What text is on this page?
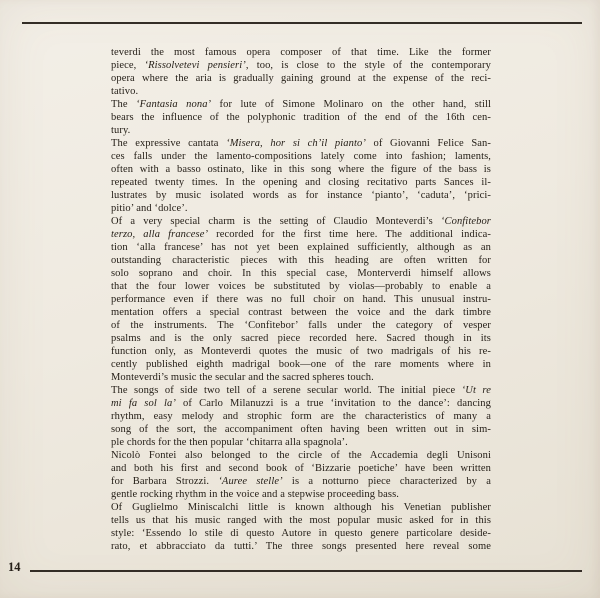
teverdi the most famous opera composer of that time. Like the former
piece, ‘Rissolvetevi pensieri’, too, is close to the style of the contemporary
opera where the aria is gradually gaining ground at the expense of the reci-
tativo.
The ‘Fantasia nona’ for lute of Simone Molinaro on the other hand, still
bears the influence of the polyphonic tradition of the end of the 16th cen-
tury.
The expressive cantata ‘Misera, hor si ch’il pianto’ of Giovanni Felice San-
ces falls under the lamento-compositions lately come into fashion; laments,
often with a basso ostinato, like in this song where the figure of the bass is
repeated twenty times. In the opening and closing recitativo parts Sances il-
lustrates by music isolated words as for instance ‘pianto’, ‘caduta’, ‘prici-
pitio’ and ‘dolce’.
Of a very special charm is the setting of Claudio Monteverdi’s ‘Confitebor
terzo, alla francese’ recorded for the first time here. The additional indica-
tion ‘alla francese’ has not yet been explained sufficiently, although as an
outstanding characteristic pieces with this heading are often written for
solo soprano and choir. In this special case, Monterverdi himself allows
that the four lower voices be substituted by violas—probably to enable a
performance even if there was no full choir on hand. This unusual instru-
mentation offers a special contrast between the voice and the dark timbre
of the instruments. The ‘Confitebor’ falls under the category of vesper
psalms and is the only sacred piece recorded here. Sacred though in its
function only, as Monteverdi quotes the music of two madrigals of his re-
cently published eighth madrigal book—one of the rare moments where in
Monteverdi’s music the secular and the sacred spheres touch.
The songs of side two tell of a serene secular world. The initial piece ‘Ut re
mi fa sol la’ of Carlo Milanuzzi is a true ‘invitation to the dance’: dancing
rhythm, easy melody and strophic form are the characteristics of many a
song of the sort, the accompaniment often having been written out in sim-
ple chords for the then popular ‘chitarra alla spagnola’.
Nicolò Fontei also belonged to the circle of the Accademia degli Unisoni
and both his first and second book of ‘Bizzarie poetiche’ have been written
for Barbara Strozzi. ‘Auree stelle’ is a notturno piece characterized by a
gentle rocking rhythm in the voice and a stepwise proceeding bass.
Of Guglielmo Miniscalchi little is known although his Venetian publisher
tells us that his music ranged with the most popular music asked for in this
style: ‘Essendo lo stile di questo Autore in questo genere particolare deside-
rato, et abbracciato da tutti.’ The three songs presented here reveal some
14
